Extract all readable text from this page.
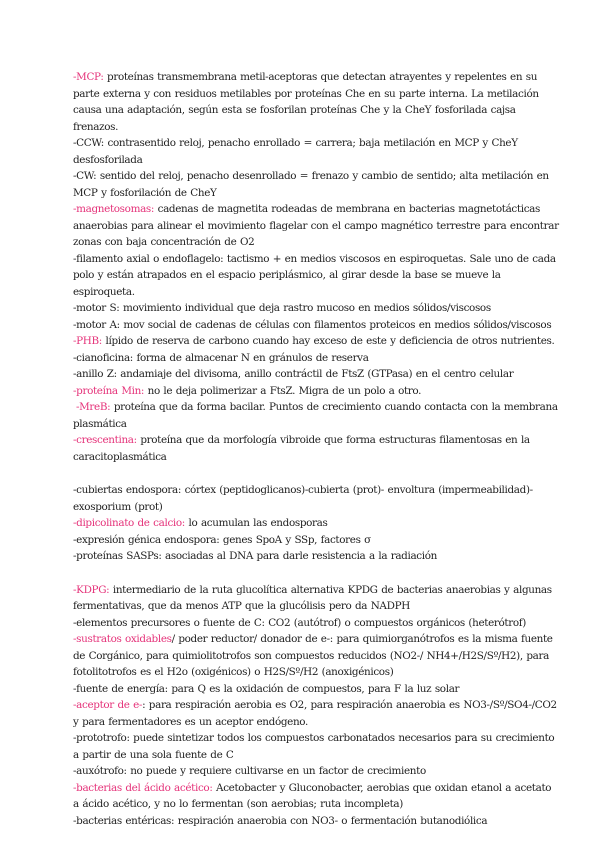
-MCP: proteínas transmembrana metil-aceptoras que detectan atrayentes y repelentes en su parte externa y con residuos metilables por proteínas Che en su parte interna. La metilación causa una adaptación, según esta se fosforilan proteínas Che y la CheY fosforilada cajsa frenazos.

-CCW: contrasentido reloj, penacho enrollado = carrera; baja metilación en MCP y CheY desfosforilada

-CW: sentido del reloj, penacho desenrollado = frenazo y cambio de sentido; alta metilación en MCP y fosforilación de CheY

-magnetosomas: cadenas de magnetita rodeadas de membrana en bacterias magnetotácticas anaerobias para alinear el movimiento flagelar con el campo magnético terrestre para encontrar zonas con baja concentración de O2

-filamento axial o endoflagelo: tactismo + en medios viscosos en espiroquetas. Sale uno de cada polo y están atrapados en el espacio periplásmico, al girar desde la base se mueve la espiroqueta.

-motor S: movimiento individual que deja rastro mucoso en medios sólidos/viscosos

-motor A: mov social de cadenas de células con filamentos proteicos en medios sólidos/viscosos

-PHB: lípido de reserva de carbono cuando hay exceso de este y deficiencia de otros nutrientes.

-cianoficina: forma de almacenar N en gránulos de reserva

-anillo Z: andamiaje del divisoma, anillo contráctil de FtsZ (GTPasa) en el centro celular

-proteína Min: no le deja polimerizar a FtsZ. Migra de un polo a otro.

-MreB: proteína que da forma bacilar. Puntos de crecimiento cuando contacta con la membrana plasmática

-crescentina: proteína que da morfología vibroide que forma estructuras filamentosas en la caracitoplasmática

-cubiertas endospora: córtex (peptidoglicanos)-cubierta (prot)- envoltura (impermeabilidad)- exosporium (prot)

-dipicolinato de calcio: lo acumulan las endosporas

-expresión génica endospora: genes SpoA y SSp, factores σ

-proteínas SASPs: asociadas al DNA para darle resistencia a la radiación

-KDPG: intermediario de la ruta glucolítica alternativa KPDG de bacterias anaerobias y algunas fermentativas, que da menos ATP que la glucólisis pero da NADPH

-elementos precursores o fuente de C: CO2 (autótrof) o compuestos orgánicos (heterótrof)

-sustratos oxidables/ poder reductor/ donador de e-: para quimiorganótrofos es la misma fuente de Corgánico, para quimiolitotrofos son compuestos reducidos (NO2-/ NH4+/H2S/Sº/H2), para fotolitotrofos es el H2o (oxigénicos) o H2S/Sº/H2 (anoxigénicos)

-fuente de energía: para Q es la oxidación de compuestos, para F la luz solar

-aceptor de e-: para respiración aerobia es O2, para respiración anaerobia es NO3-/Sº/SO4-/CO2 y para fermentadores es un aceptor endógeno.

-prototrofo: puede sintetizar todos los compuestos carbonatados necesarios para su crecimiento a partir de una sola fuente de C

-auxótrofo: no puede y requiere cultivarse en un factor de crecimiento

-bacterias del ácido acético: Acetobacter y Gluconobacter, aerobias que oxidan etanol a acetato a ácido acético, y no lo fermentan (son aerobias; ruta incompleta)

-bacterias entéricas: respiración anaerobia con NO3- o fermentación butanodiólica
